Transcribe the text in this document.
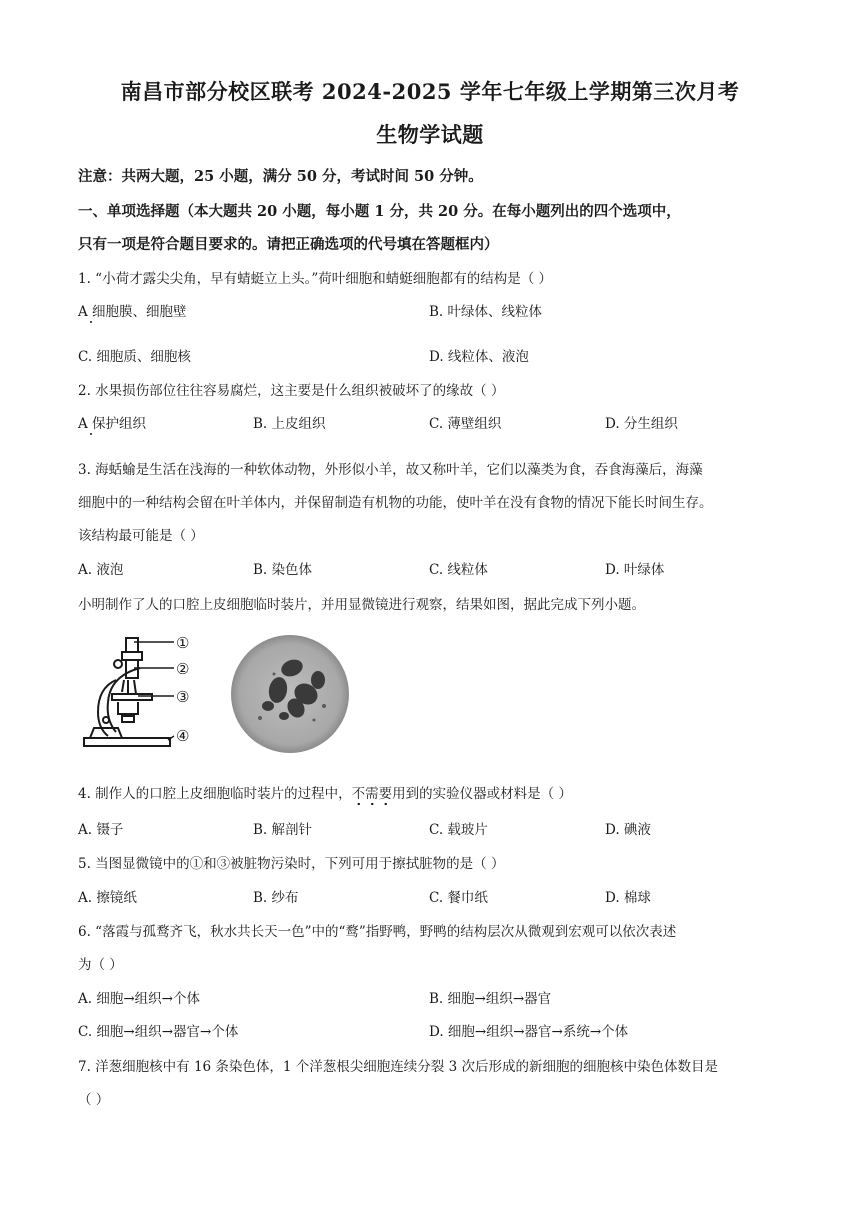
南昌市部分校区联考 2024-2025 学年七年级上学期第三次月考
生物学试题
注意：共两大题，25 小题，满分 50 分，考试时间 50 分钟。
一、单项选择题（本大题共 20 小题，每小题 1 分，共 20 分。在每小题列出的四个选项中，
只有一项是符合题目要求的。请把正确选项的代号填在答题框内）
1. “小荷才露尖尖角，早有蜻蜓立上头。”荷叶细胞和蜻蜓细胞都有的结构是（ ）
A 细胞膜、细胞壁	B. 叶绿体、线粒体
C. 细胞质、细胞核	D. 线粒体、液泡
2. 水果损伤部位往往容易腐烂，这主要是什么组织被破坏了的缘故（ ）
A 保护组织	B. 上皮组织	C. 薄壁组织	D. 分生组织
3. 海蛞蝓是生活在浅海的一种软体动物，外形似小羊，故又称叶羊，它们以藻类为食，吞食海藻后，海藻
细胞中的一种结构会留在叶羊体内，并保留制造有机物的功能，使叶羊在没有食物的情况下能长时间生存。
该结构最可能是（ ）
A. 液泡	B. 染色体	C. 线粒体	D. 叶绿体
小明制作了人的口腔上皮细胞临时装片，并用显微镜进行观察，结果如图，据此完成下列小题。
①
②
③
④
4. 制作人的口腔上皮细胞临时装片的过程中，不需要用到的实验仪器或材料是（ ）
A. 镊子	B. 解剖针	C. 载玻片	D. 碘液
5. 当图显微镜中的①和③被脏物污染时，下列可用于擦拭脏物的是（ ）
A. 擦镜纸	B. 纱布	C. 餐巾纸	D. 棉球
6. “落霞与孤鹜齐飞，秋水共长天一色”中的“鹜”指野鸭，野鸭的结构层次从微观到宏观可以依次表述
为（ ）
A. 细胞→组织→个体	B. 细胞→组织→器官
C. 细胞→组织→器官→个体	D. 细胞→组织→器官→系统→个体
7. 洋葱细胞核中有 16 条染色体，1 个洋葱根尖细胞连续分裂 3 次后形成的新细胞的细胞核中染色体数目是
（ ）
